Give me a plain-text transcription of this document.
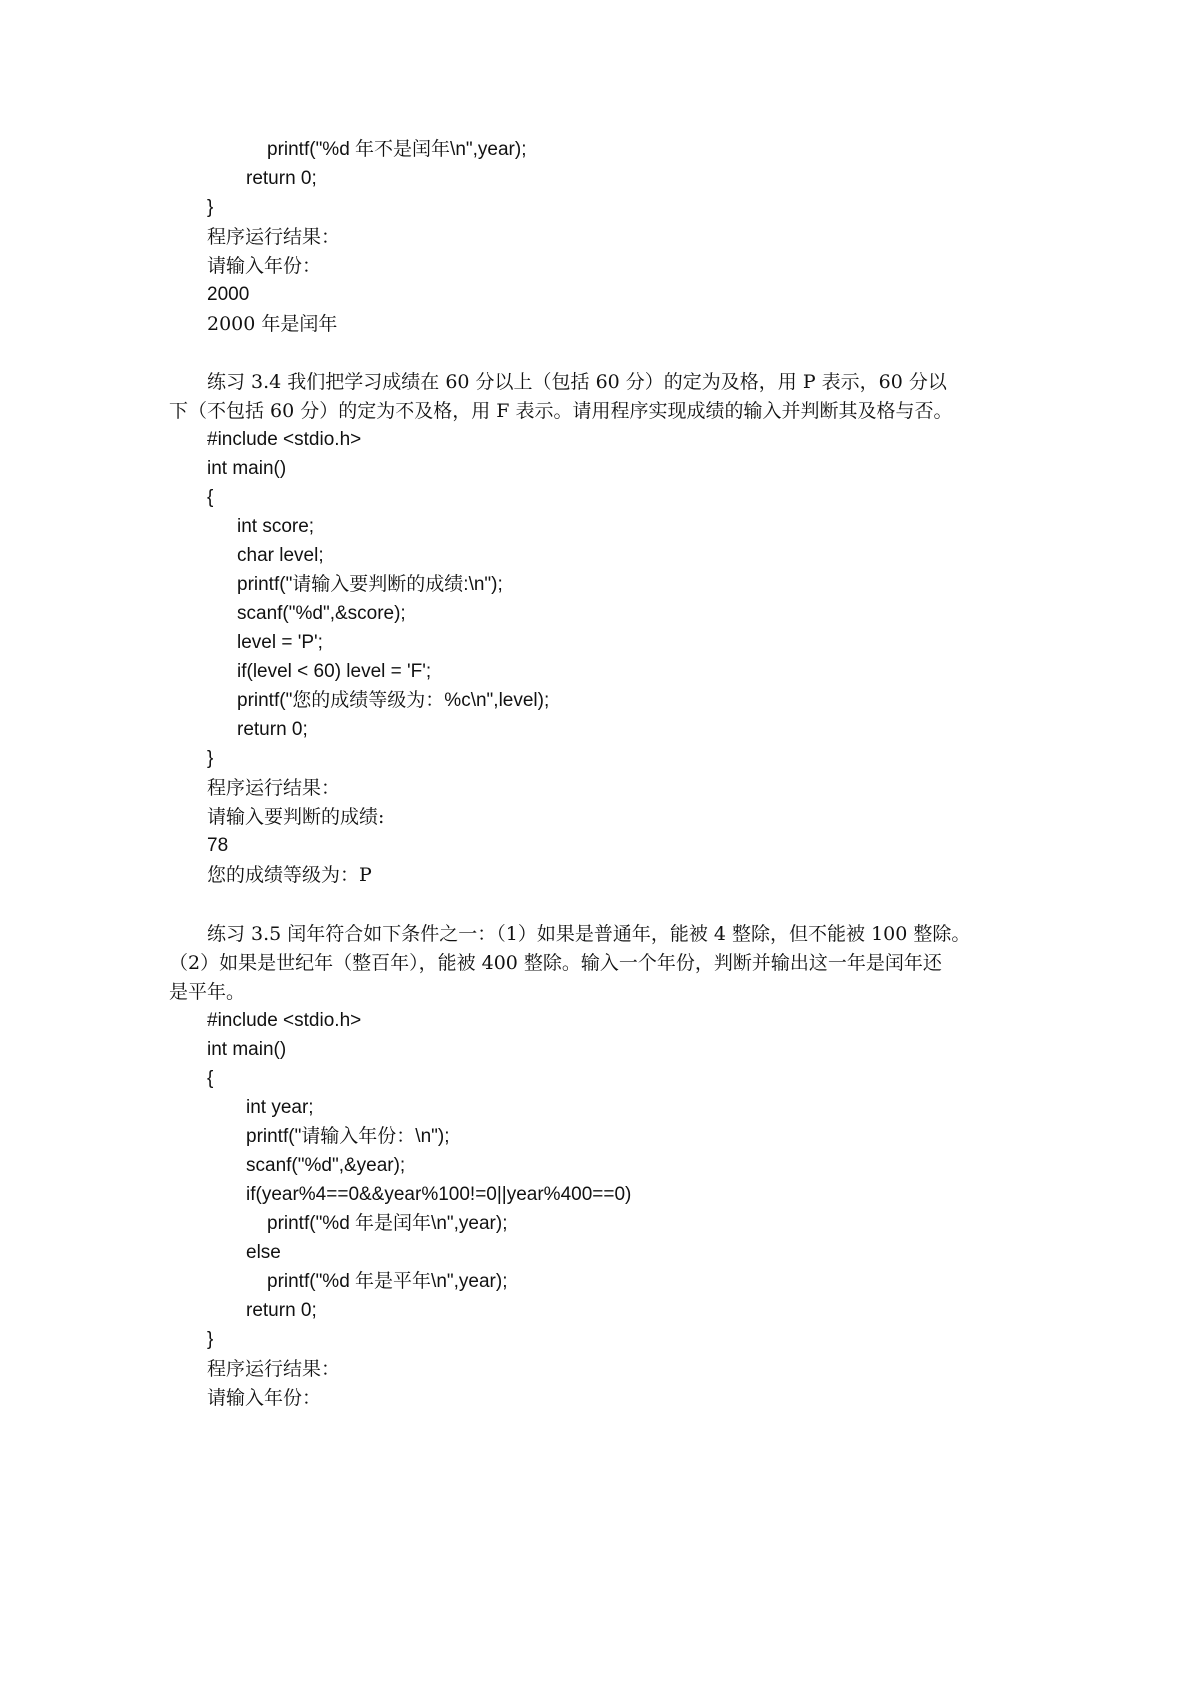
printf("%d 年不是闰年\n",year);
return 0;
}
程序运行结果：
请输入年份：
2000
2000 年是闰年
练习 3.4 我们把学习成绩在 60 分以上（包括 60 分）的定为及格，用 P 表示，60 分以
下（不包括 60 分）的定为不及格，用 F 表示。请用程序实现成绩的输入并判断其及格与否。
#include <stdio.h>
int main()
{
int score;
char level;
printf("请输入要判断的成绩:\n");
scanf("%d",&score);
level = 'P';
if(level < 60) level = 'F';
printf("您的成绩等级为：%c\n",level);
return 0;
}
程序运行结果：
请输入要判断的成绩:
78
您的成绩等级为：P
练习 3.5 闰年符合如下条件之一：（1）如果是普通年，能被 4 整除，但不能被 100 整除。
（2）如果是世纪年（整百年），能被 400 整除。输入一个年份，判断并输出这一年是闰年还
是平年。
#include <stdio.h>
int main()
{
int year;
printf("请输入年份：\n");
scanf("%d",&year);
if(year%4==0&&year%100!=0||year%400==0)
printf("%d 年是闰年\n",year);
else
printf("%d 年是平年\n",year);
return 0;
}
程序运行结果：
请输入年份：
